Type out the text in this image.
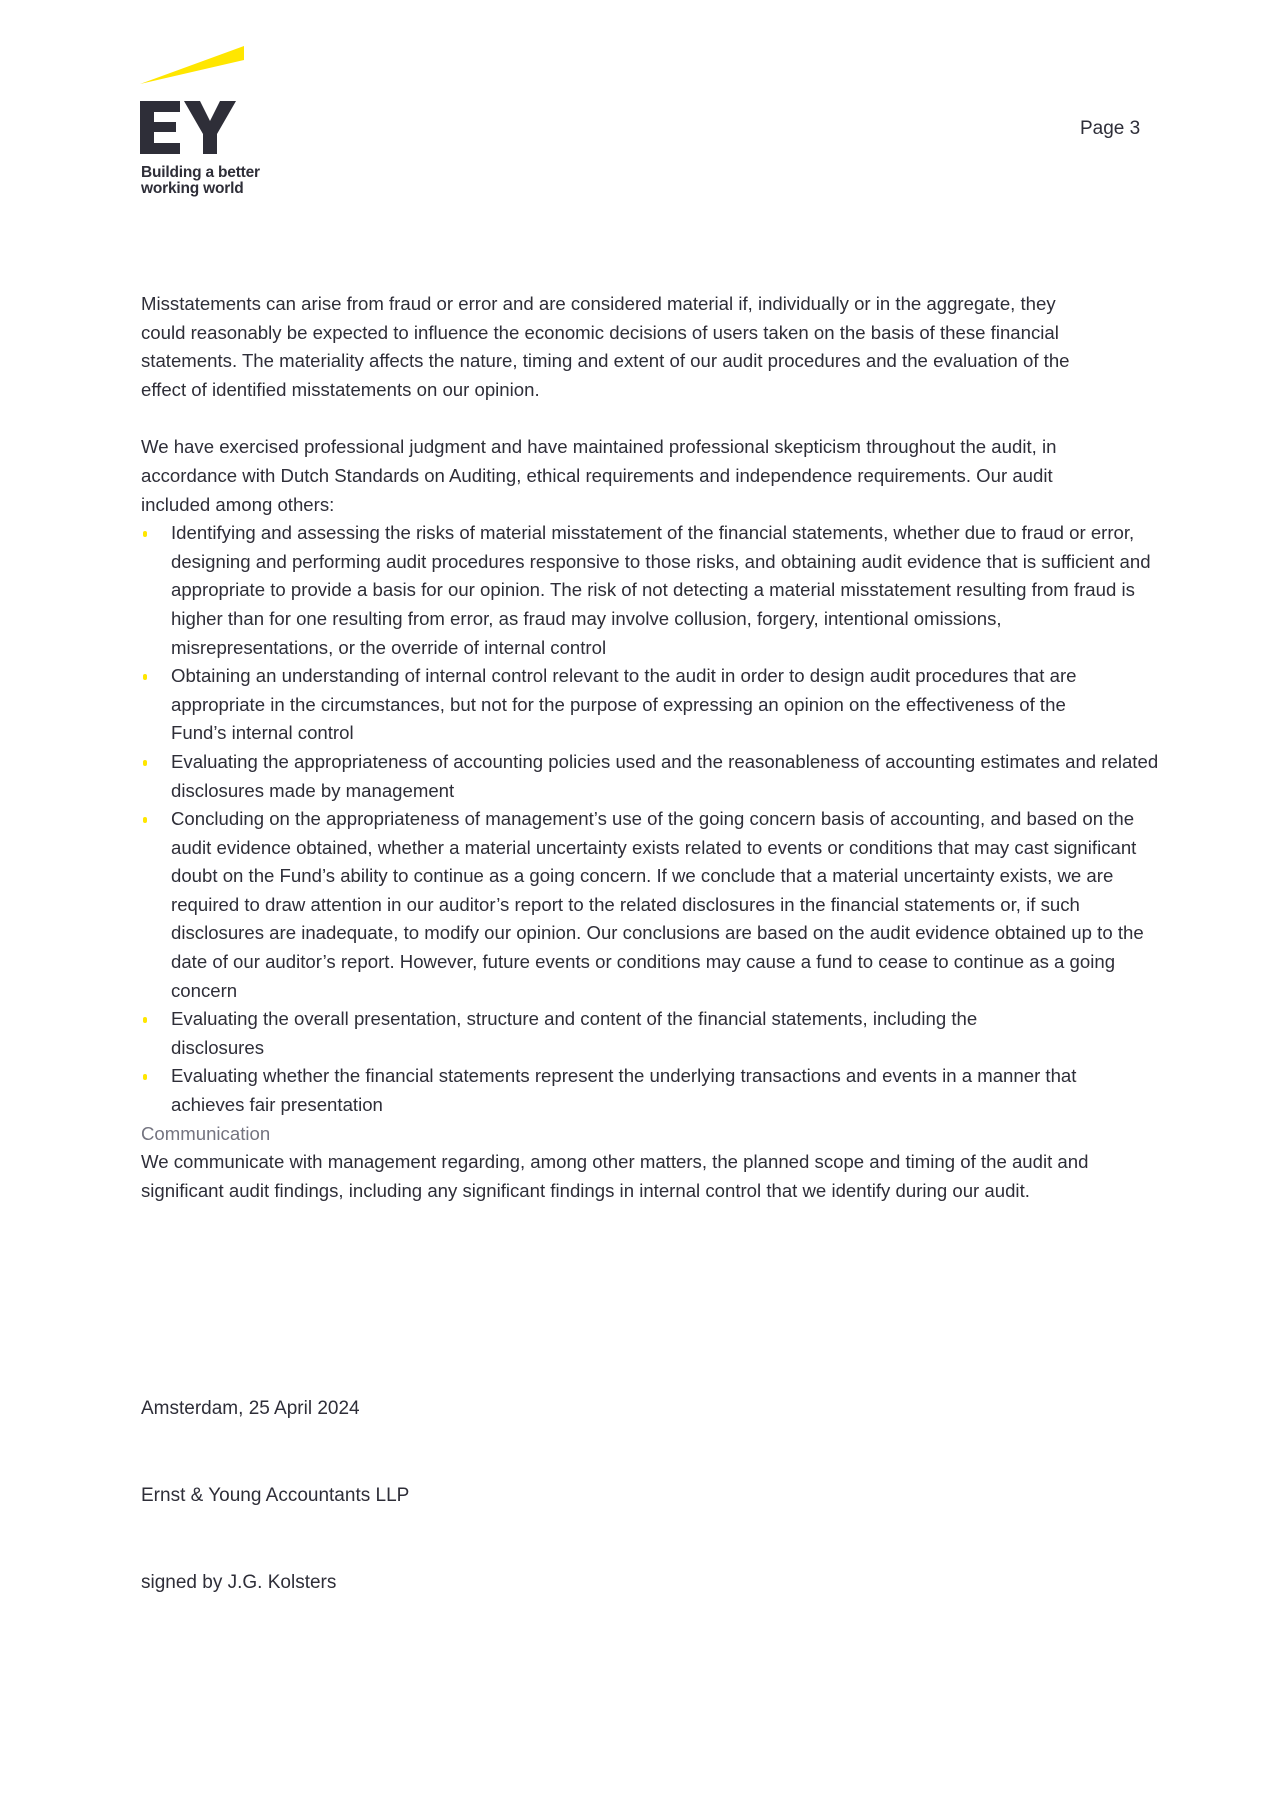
Building a better
working world
Page 3

Misstatements can arise from fraud or error and are considered material if, individually or in the aggregate, they could reasonably be expected to influence the economic decisions of users taken on the basis of these financial statements. The materiality affects the nature, timing and extent of our audit procedures and the evaluation of the effect of identified misstatements on our opinion.

We have exercised professional judgment and have maintained professional skepticism throughout the audit, in accordance with Dutch Standards on Auditing, ethical requirements and independence requirements. Our audit included among others:

Identifying and assessing the risks of material misstatement of the financial statements, whether due to fraud or error, designing and performing audit procedures responsive to those risks, and obtaining audit evidence that is sufficient and appropriate to provide a basis for our opinion. The risk of not detecting a material misstatement resulting from fraud is higher than for one resulting from error, as fraud may involve collusion, forgery, intentional omissions, misrepresentations, or the override of internal control
Obtaining an understanding of internal control relevant to the audit in order to design audit procedures that are appropriate in the circumstances, but not for the purpose of expressing an opinion on the effectiveness of the Fund’s internal control
Evaluating the appropriateness of accounting policies used and the reasonableness of accounting estimates and related disclosures made by management
Concluding on the appropriateness of management’s use of the going concern basis of accounting, and based on the audit evidence obtained, whether a material uncertainty exists related to events or conditions that may cast significant doubt on the Fund’s ability to continue as a going concern. If we conclude that a material uncertainty exists, we are required to draw attention in our auditor’s report to the related disclosures in the financial statements or, if such disclosures are inadequate, to modify our opinion. Our conclusions are based on the audit evidence obtained up to the date of our auditor’s report. However, future events or conditions may cause a fund to cease to continue as a going concern
Evaluating the overall presentation, structure and content of the financial statements, including the disclosures
Evaluating whether the financial statements represent the underlying transactions and events in a manner that achieves fair presentation

Communication

We communicate with management regarding, among other matters, the planned scope and timing of the audit and significant audit findings, including any significant findings in internal control that we identify during our audit.

Amsterdam, 25 April 2024
Ernst & Young Accountants LLP
signed by J.G. Kolsters
